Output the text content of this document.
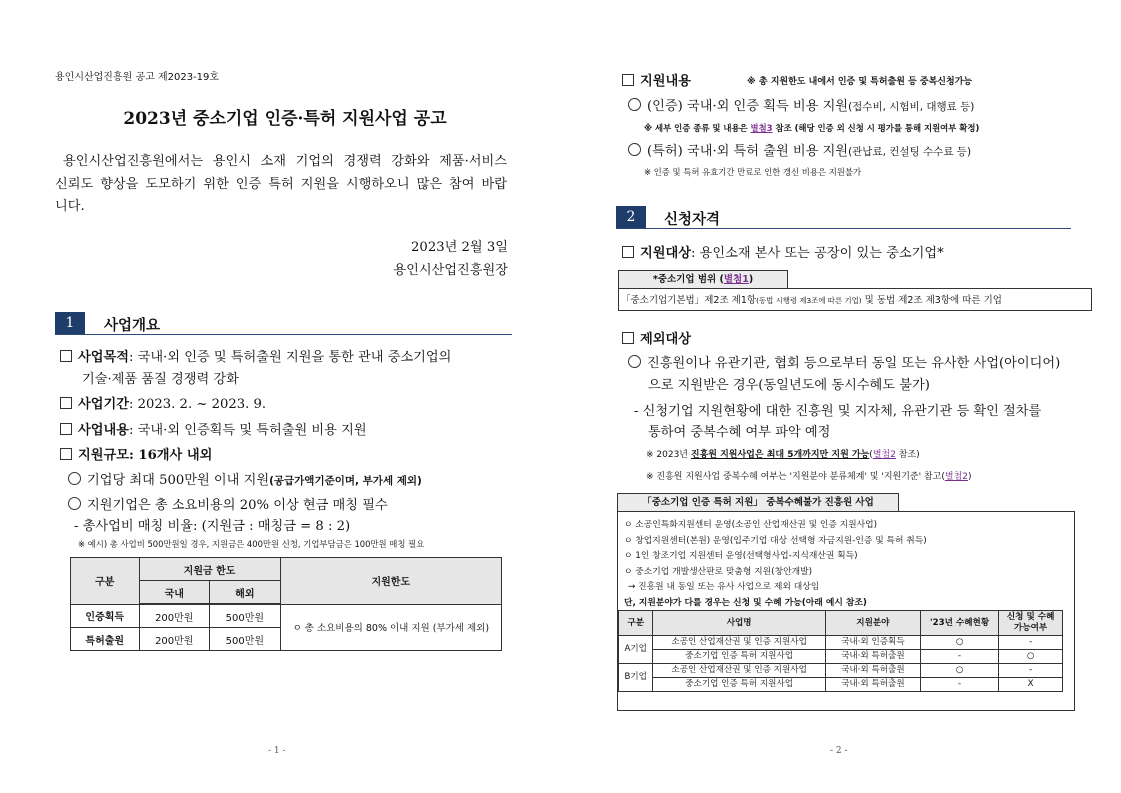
용인시산업진흥원 공고 제2023-19호
2023년 중소기업 인증·특허 지원사업 공고
용인시산업진흥원에서는 용인시 소재 기업의 경쟁력 강화와 제품·서비스
신뢰도 향상을 도모하기 위한 인증 특허 지원을 시행하오니 많은 참여 바랍
니다.
2023년 2월 3일
용인시산업진흥원장
1	사업개요
사업목적: 국내·외 인증 및 특허출원 지원을 통한 관내 중소기업의
기술·제품 품질 경쟁력 강화
사업기간: 2023. 2. ~ 2023. 9.
사업내용: 국내·외 인증획득 및 특허출원 비용 지원
지원규모: 16개사 내외
기업당 최대 500만원 이내 지원(공급가액기준이며, 부가세 제외)
지원기업은 총 소요비용의 20% 이상 현금 매칭 필수
- 총사업비 매칭 비율: (지원금 : 매칭금 = 8 : 2)
※ 예시) 총 사업비 500만원일 경우, 지원금은 400만원 신청, 기업부담금은 100만원 매칭 필요
구분	지원금 한도		지원한도
	국내	해외	
인증획득	200만원	500만원	ㅇ 총 소요비용의 80% 이내 지원 (부가세 제외)
특허출원	200만원	500만원	
- 1 -
지원내용	※ 총 지원한도 내에서 인증 및 특허출원 등 중복신청가능
(인증) 국내·외 인증 획득 비용 지원(접수비, 시험비, 대행료 등)
※ 세부 인증 종류 및 내용은 별첨3 참조 (해당 인증 외 신청 시 평가를 통해 지원여부 확정)
(특허) 국내·외 특허 출원 비용 지원(관납료, 컨설팅 수수료 등)
※ 인증 및 특허 유효기간 만료로 인한 갱신 비용은 지원불가
2	신청자격
지원대상: 용인소재 본사 또는 공장이 있는 중소기업*
*중소기업 범위 (별첨1)
「중소기업기본법」제2조 제1항(동법 시행령 제3조에 따른 기업) 및 동법 제2조 제3항에 따른 기업
제외대상
진흥원이나 유관기관, 협회 등으로부터 동일 또는 유사한 사업(아이디어)
으로 지원받은 경우(동일년도에 동시수혜도 불가)
- 신청기업 지원현황에 대한 진흥원 및 지자체, 유관기관 등 확인 절차를
통하여 중복수혜 여부 파악 예정
※ 2023년 진흥원 지원사업은 최대 5개까지만 지원 가능(별첨2 참조)
※ 진흥원 지원사업 중복수혜 여부는 '지원분야 분류체계' 및 '지원기준' 참고(별첨2)
「중소기업 인증 특허 지원」 중복수혜불가 진흥원 사업
ㅇ 소공인특화지원센터 운영(소공인 산업재산권 및 인증 지원사업)
ㅇ 창업지원센터(본원) 운영(입주기업 대상 선택형 자금지원-인증 및 특허 취득)
ㅇ 1인 창조기업 지원센터 운영(선택형사업-지식재산권 획득)
ㅇ 중소기업 개발생산판로 맞춤형 지원(창안개발)
→ 진흥원 내 동일 또는 유사 사업으로 제외 대상임
단, 지원분야가 다를 경우는 신청 및 수혜 가능(아래 예시 참조)
구분	사업명	지원분야	'23년 수혜현황	신청 및 수혜 가능여부
A기업	소공인 산업재산권 및 인증 지원사업	국내·외 인증획득	○	-
	중소기업 인증 특허 지원사업	국내·외 특허출원	-	○
B기업	소공인 산업재산권 및 인증 지원사업	국내·외 특허출원	○	-
	중소기업 인증 특허 지원사업	국내·외 특허출원	-	X
- 2 -
